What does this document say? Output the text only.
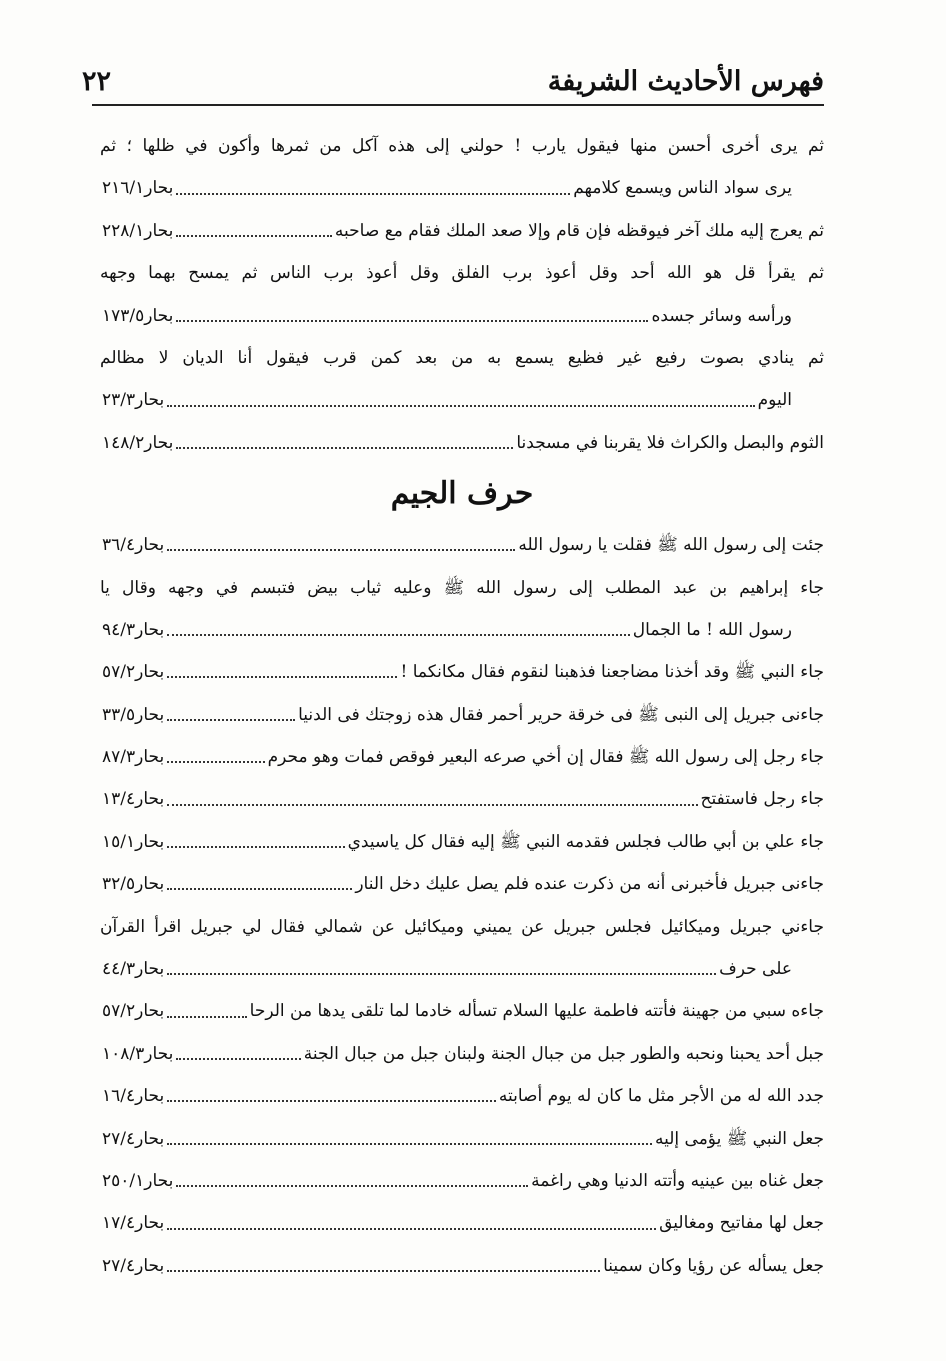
٢٢	فهرس الأحاديث الشريفة
ثم يرى أخرى أحسن منها فيقول يارب ! حولني إلى هذه آكل من ثمرها وأكون في ظلها ؛ ثم
يرى سواد الناس ويسمع كلامهم
بحار
٢١٦/١
ثم يعرج إليه ملك آخر فيوقظه فإن قام وإلا صعد الملك فقام مع صاحبه
بحار
٢٢٨/١
ثم يقرأ قل هو الله أحد وقل أعوذ برب الفلق وقل أعوذ برب الناس ثم يمسح بهما وجهه
ورأسه وسائر جسده
بحار
١٧٣/٥
ثم ينادي بصوت رفيع غير فظيع يسمع به من بعد كمن قرب فيقول أنا الديان لا مظالم
اليوم
بحار
٢٣/٣
الثوم والبصل والكراث فلا يقربنا في مسجدنا
بحار
١٤٨/٢
حرف الجيم
جئت إلى رسول الله ﷺ فقلت يا رسول الله
بحار
٣٦/٤
جاء إبراهيم بن عبد المطلب إلى رسول الله ﷺ وعليه ثياب بيض فتبسم في وجهه وقال يا
رسول الله ! ما الجمال
بحار
٩٤/٣
جاء النبي ﷺ وقد أخذنا مضاجعنا فذهبنا لنقوم فقال مكانكما !
بحار
٥٧/٢
جاءنى جبريل إلى النبى ﷺ فى خرقة حرير أحمر فقال هذه زوجتك فى الدنيا
بحار
٣٣/٥
جاء رجل إلى رسول الله ﷺ فقال إن أخي صرعه البعير فوقص فمات وهو محرم
بحار
٨٧/٣
جاء رجل فاستفتح
بحار
١٣/٤
جاء علي بن أبي طالب فجلس فقدمه النبي ﷺ إليه فقال كل ياسيدي
بحار
١٥/١
جاءنى جبريل فأخبرنى أنه من ذكرت عنده فلم يصل عليك دخل النار
بحار
٣٢/٥
جاءني جبريل وميكائيل فجلس جبريل عن يميني وميكائيل عن شمالي فقال لي جبريل اقرأ القرآن
على حرف
بحار
٤٤/٣
جاءه سبي من جهينة فأتته فاطمة عليها السلام تسأله خادما لما تلقى يدها من الرحا
بحار
٥٧/٢
جبل أحد يحبنا ونحبه والطور جبل من جبال الجنة ولبنان جبل من جبال الجنة
بحار
١٠٨/٣
جدد الله له من الأجر مثل ما كان له يوم أصابته
بحار
١٦/٤
جعل النبي ﷺ يؤمى إليه
بحار
٢٧/٤
جعل غناه بين عينيه وأتته الدنيا وهي راغمة
بحار
٢٥٠/١
جعل لها مفاتيح ومغاليق
بحار
١٧/٤
جعل يسأله عن رؤيا وكان سمينا
بحار
٢٧/٤
